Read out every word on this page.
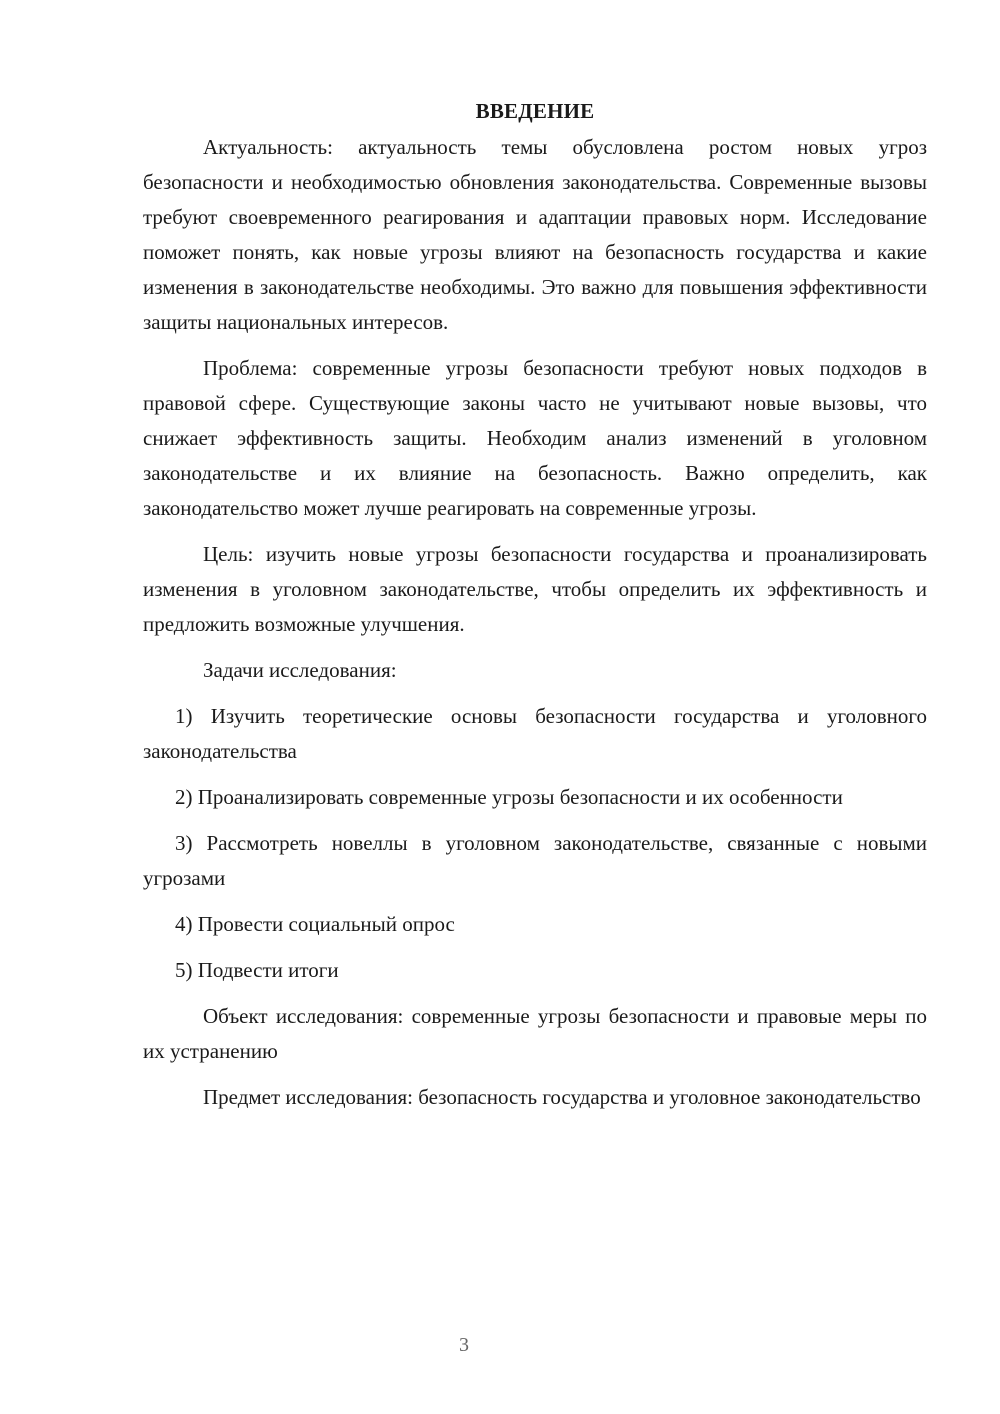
ВВЕДЕНИЕ

Актуальность: актуальность темы обусловлена ростом новых угроз безопасности и необходимостью обновления законодательства. Современные вызовы требуют своевременного реагирования и адаптации правовых норм. Исследование поможет понять, как новые угрозы влияют на безопасность государства и какие изменения в законодательстве необходимы. Это важно для повышения эффективности защиты национальных интересов.

Проблема: современные угрозы безопасности требуют новых подходов в правовой сфере. Существующие законы часто не учитывают новые вызовы, что снижает эффективность защиты. Необходим анализ изменений в уголовном законодательстве и их влияние на безопасность. Важно определить, как законодательство может лучше реагировать на современные угрозы.

Цель: изучить новые угрозы безопасности государства и проанализировать изменения в уголовном законодательстве, чтобы определить их эффективность и предложить возможные улучшения.

Задачи исследования:

1) Изучить теоретические основы безопасности государства и уголовного законодательства

2) Проанализировать современные угрозы безопасности и их особенности

3) Рассмотреть новеллы в уголовном законодательстве, связанные с новыми угрозами

4) Провести социальный опрос

5) Подвести итоги

Объект исследования: современные угрозы безопасности и правовые меры по их устранению

Предмет исследования: безопасность государства и уголовное законодательство

3
